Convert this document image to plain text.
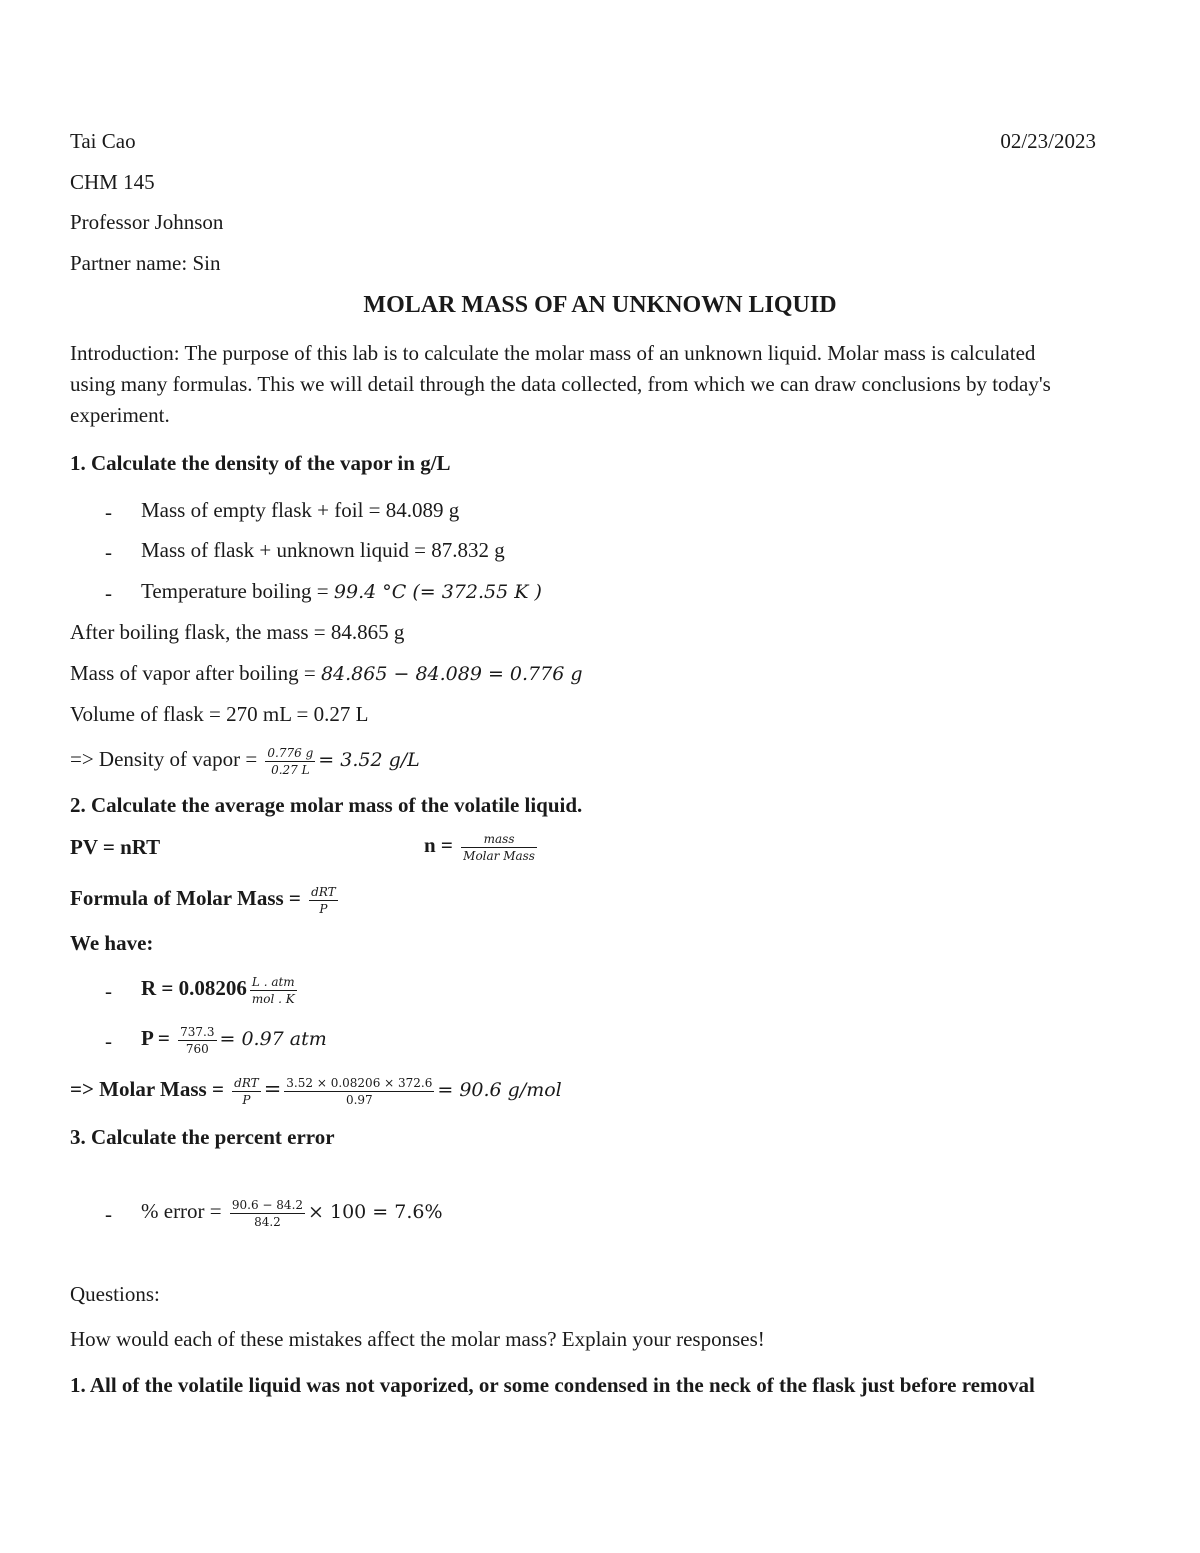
Tai Cao	02/23/2023
CHM 145
Professor Johnson
Partner name: Sin
MOLAR MASS OF AN UNKNOWN LIQUID
Introduction: The purpose of this lab is to calculate the molar mass of an unknown liquid. Molar mass is calculated using many formulas. This we will detail through the data collected, from which we can draw conclusions by today's experiment.
1. Calculate the density of the vapor in g/L
- Mass of empty flask + foil = 84.089 g
- Mass of flask + unknown liquid = 87.832 g
- Temperature boiling = 99.4 °C (= 372.55 K )
After boiling flask, the mass = 84.865 g
Mass of vapor after boiling = 84.865 − 84.089 = 0.776 g
Volume of flask = 270 mL = 0.27 L
=> Density of vapor = $\frac{0.776 g}{0.27 L} = 3.52$ g/L
2. Calculate the average molar mass of the volatile liquid.
PV = nRT	$n = \frac{\text{mass}}{\text{Molar Mass}}$
Formula of Molar Mass = $\frac{\text{dRT}}{P}$
We have:
- $R = 0.08206 \frac{\text{L . atm}}{\text{mol . K}}$
- $P = \frac{737.3}{760} = 0.97$ atm
=> Molar Mass = $\frac{\text{dRT}}{P} = \frac{3.52 \times 0.08206 \times 372.6}{0.97} = 90.6$ g/mol
3. Calculate the percent error
- % error = $\frac{90.6 - 84.2}{84.2} \times 100 = 7.6\%$
Questions:
How would each of these mistakes affect the molar mass? Explain your responses!
1. All of the volatile liquid was not vaporized, or some condensed in the neck of the flask just before removal
